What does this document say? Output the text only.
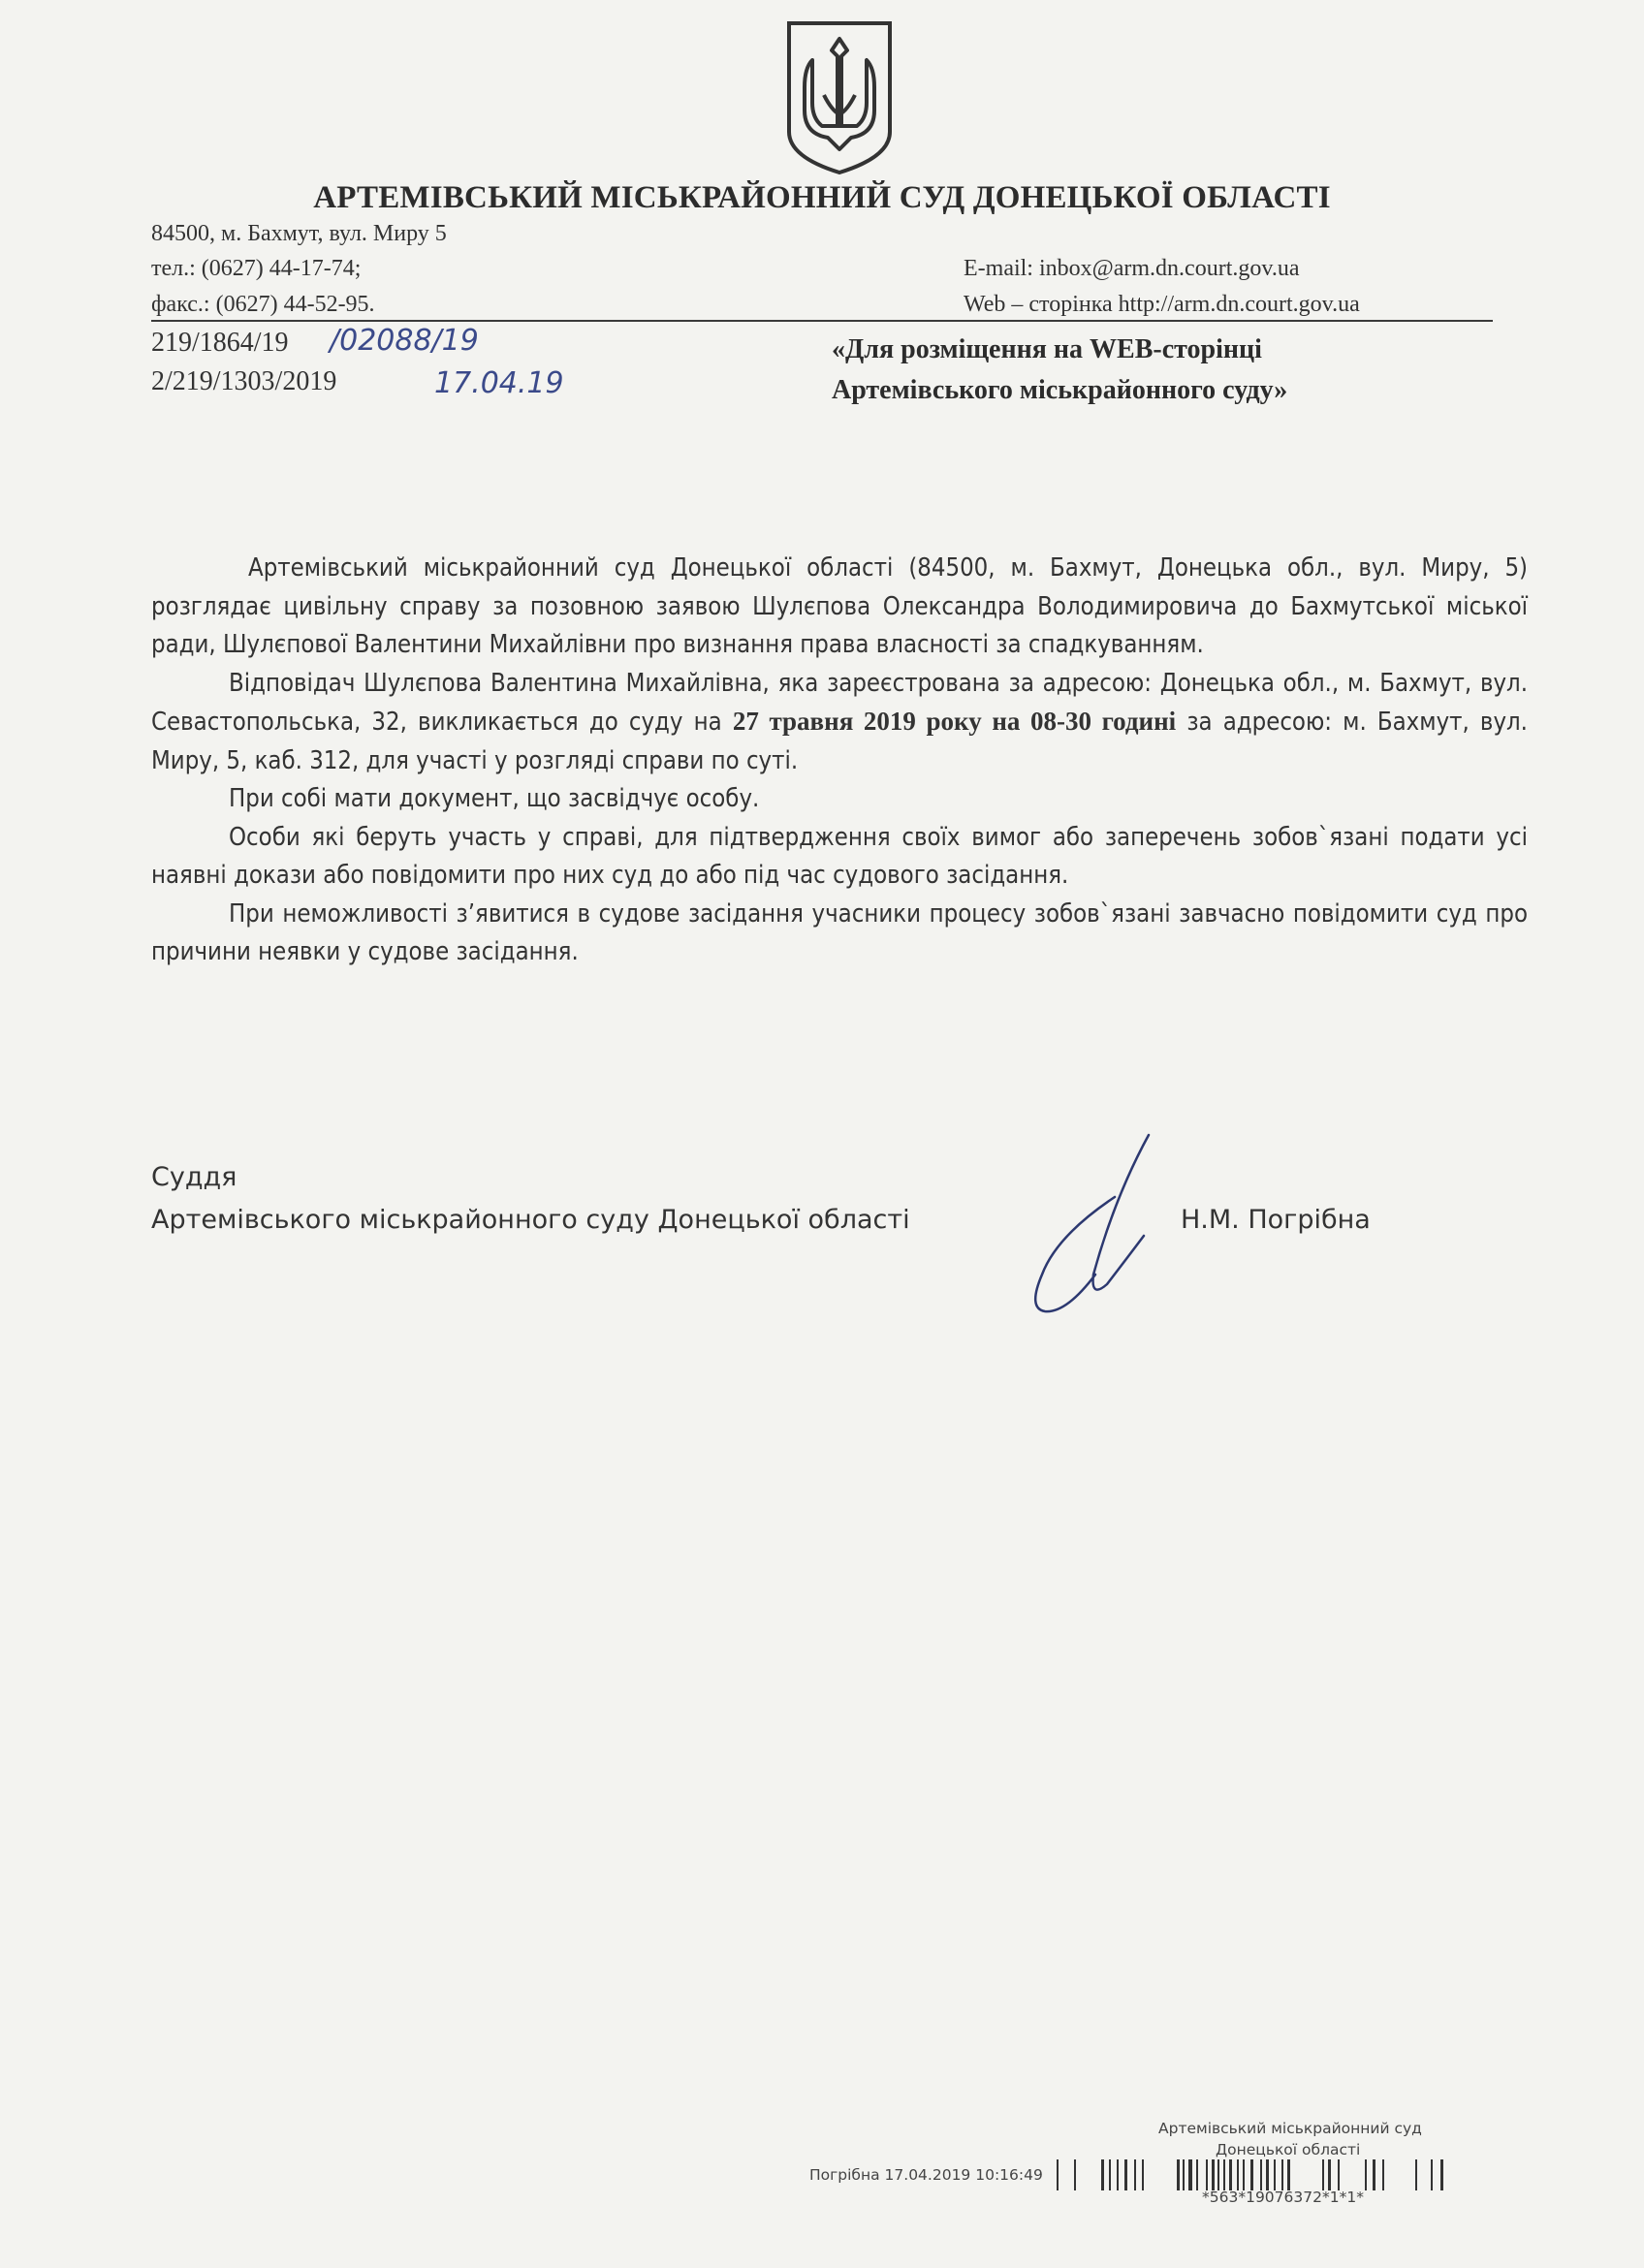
АРТЕМІВСЬКИЙ МІСЬКРАЙОННИЙ СУД ДОНЕЦЬКОЇ ОБЛАСТІ
84500, м. Бахмут, вул. Миру 5
тел.: (0627) 44-17-74;
факс.: (0627) 44-52-95.
E-mail: inbox@arm.dn.court.gov.ua
Web – сторінка http://arm.dn.court.gov.ua
219/1864/19
2/219/1303/2019
/02088/19
17.04.19
«Для розміщення на WEB-сторінці
Артемівського міськрайонного суду»

Артемівський міськрайонний суд Донецької області (84500, м. Бахмут, Донецька обл., вул. Миру, 5) розглядає цивільну справу за позовною заявою Шулєпова Олександра Володимировича до Бахмутської міської ради, Шулєпової Валентини Михайлівни про визнання права власності за спадкуванням.

Відповідач Шулєпова Валентина Михайлівна, яка зареєстрована за адресою: Донецька обл., м. Бахмут, вул. Севастопольська, 32, викликається до суду на 27 травня 2019 року на 08-30 годині за адресою: м. Бахмут, вул. Миру, 5, каб. 312, для участі у розгляді справи по суті.

При собі мати документ, що засвідчує особу.

Особи які беруть участь у справі, для підтвердження своїх вимог або заперечень зобов`язані подати усі наявні докази або повідомити про них суд до або під час судового засідання.

При неможливості з’явитися в судове засідання учасники процесу зобов`язані завчасно повідомити суд про причини неявки у судове засідання.

Суддя
Артемівського міськрайонного суду Донецької області	Н.М. Погрібна
Артемівський міськрайонний суд
Донецької області
Погрібна 17.04.2019 10:16:49
*563*19076372*1*1*
